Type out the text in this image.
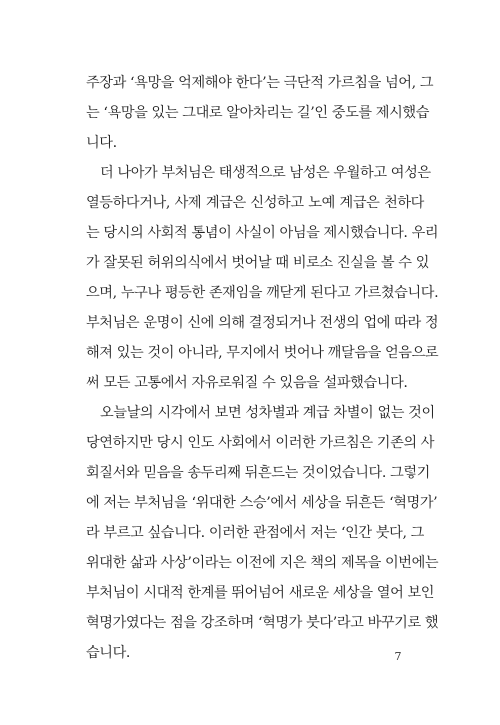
주장과 ‘욕망을 억제해야 한다’는 극단적 가르침을 넘어, 그
는 ‘욕망을 있는 그대로 알아차리는 길’인 중도를 제시했습
니다.
더 나아가 부처님은 태생적으로 남성은 우월하고 여성은
열등하다거나, 사제 계급은 신성하고 노예 계급은 천하다
는 당시의 사회적 통념이 사실이 아님을 제시했습니다. 우리
가 잘못된 허위의식에서 벗어날 때 비로소 진실을 볼 수 있
으며, 누구나 평등한 존재임을 깨닫게 된다고 가르쳤습니다.
부처님은 운명이 신에 의해 결정되거나 전생의 업에 따라 정
해져 있는 것이 아니라, 무지에서 벗어나 깨달음을 얻음으로
써 모든 고통에서 자유로워질 수 있음을 설파했습니다.
오늘날의 시각에서 보면 성차별과 계급 차별이 없는 것이
당연하지만 당시 인도 사회에서 이러한 가르침은 기존의 사
회질서와 믿음을 송두리째 뒤흔드는 것이었습니다. 그렇기
에 저는 부처님을 ‘위대한 스승’에서 세상을 뒤흔든 ‘혁명가’
라 부르고 싶습니다. 이러한 관점에서 저는 ‘인간 붓다, 그
위대한 삶과 사상’이라는 이전에 지은 책의 제목을 이번에는
부처님이 시대적 한계를 뛰어넘어 새로운 세상을 열어 보인
혁명가였다는 점을 강조하며 ‘혁명가 붓다’라고 바꾸기로 했
습니다.	7
